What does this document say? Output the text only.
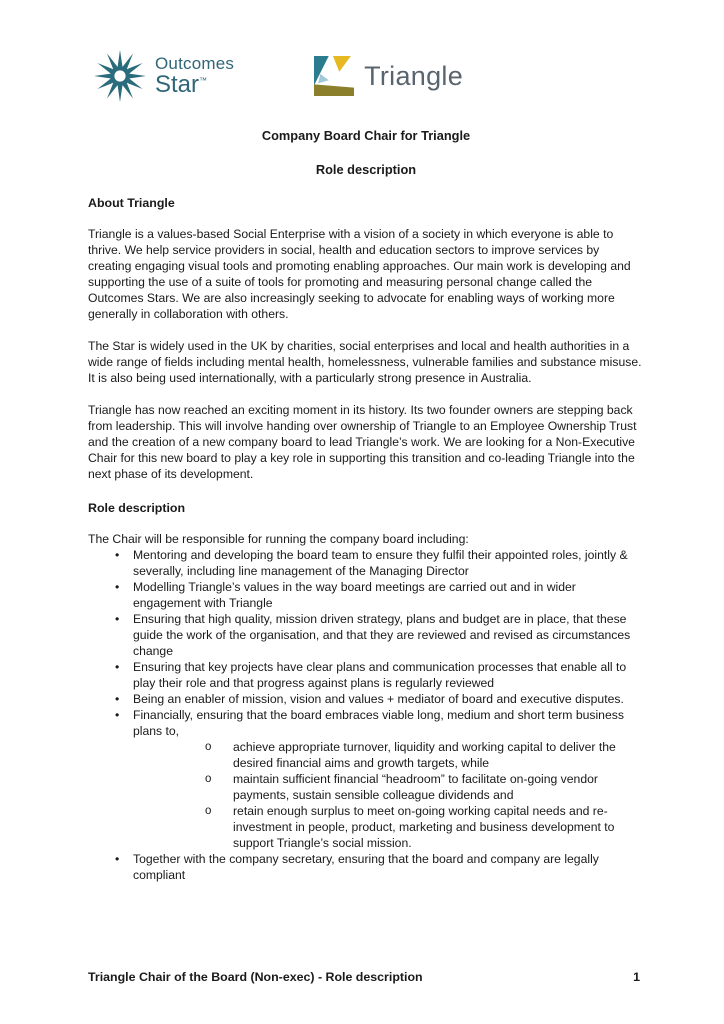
Outcomes
Star™	Triangle

Company Board Chair for Triangle

Role description

About Triangle

Triangle is a values-based Social Enterprise with a vision of a society in which everyone is able to thrive. We help service providers in social, health and education sectors to improve services by creating engaging visual tools and promoting enabling approaches. Our main work is developing and supporting the use of a suite of tools for promoting and measuring personal change called the Outcomes Stars. We are also increasingly seeking to advocate for enabling ways of working more generally in collaboration with others.

The Star is widely used in the UK by charities, social enterprises and local and health authorities in a wide range of fields including mental health, homelessness, vulnerable families and substance misuse. It is also being used internationally, with a particularly strong presence in Australia.

Triangle has now reached an exciting moment in its history. Its two founder owners are stepping back from leadership. This will involve handing over ownership of Triangle to an Employee Ownership Trust and the creation of a new company board to lead Triangle’s work. We are looking for a Non-Executive Chair for this new board to play a key role in supporting this transition and co-leading Triangle into the next phase of its development.

Role description

The Chair will be responsible for running the company board including:

•	Mentoring and developing the board team to ensure they fulfil their appointed roles, jointly & severally, including line management of the Managing Director
•	Modelling Triangle’s values in the way board meetings are carried out and in wider engagement with Triangle
•	Ensuring that high quality, mission driven strategy, plans and budget are in place, that these guide the work of the organisation, and that they are reviewed and revised as circumstances change
•	Ensuring that key projects have clear plans and communication processes that enable all to play their role and that progress against plans is regularly reviewed
•	Being an enabler of mission, vision and values + mediator of board and executive disputes.
•	Financially, ensuring that the board embraces viable long, medium and short term business plans to,
o	achieve appropriate turnover, liquidity and working capital to deliver the desired financial aims and growth targets, while
o	maintain sufficient financial “headroom” to facilitate on-going vendor payments, sustain sensible colleague dividends and
o	retain enough surplus to meet on-going working capital needs and re-investment in people, product, marketing and business development to support Triangle’s social mission.
•	Together with the company secretary, ensuring that the board and company are legally compliant
Triangle Chair of the Board (Non-exec) - Role description	1
